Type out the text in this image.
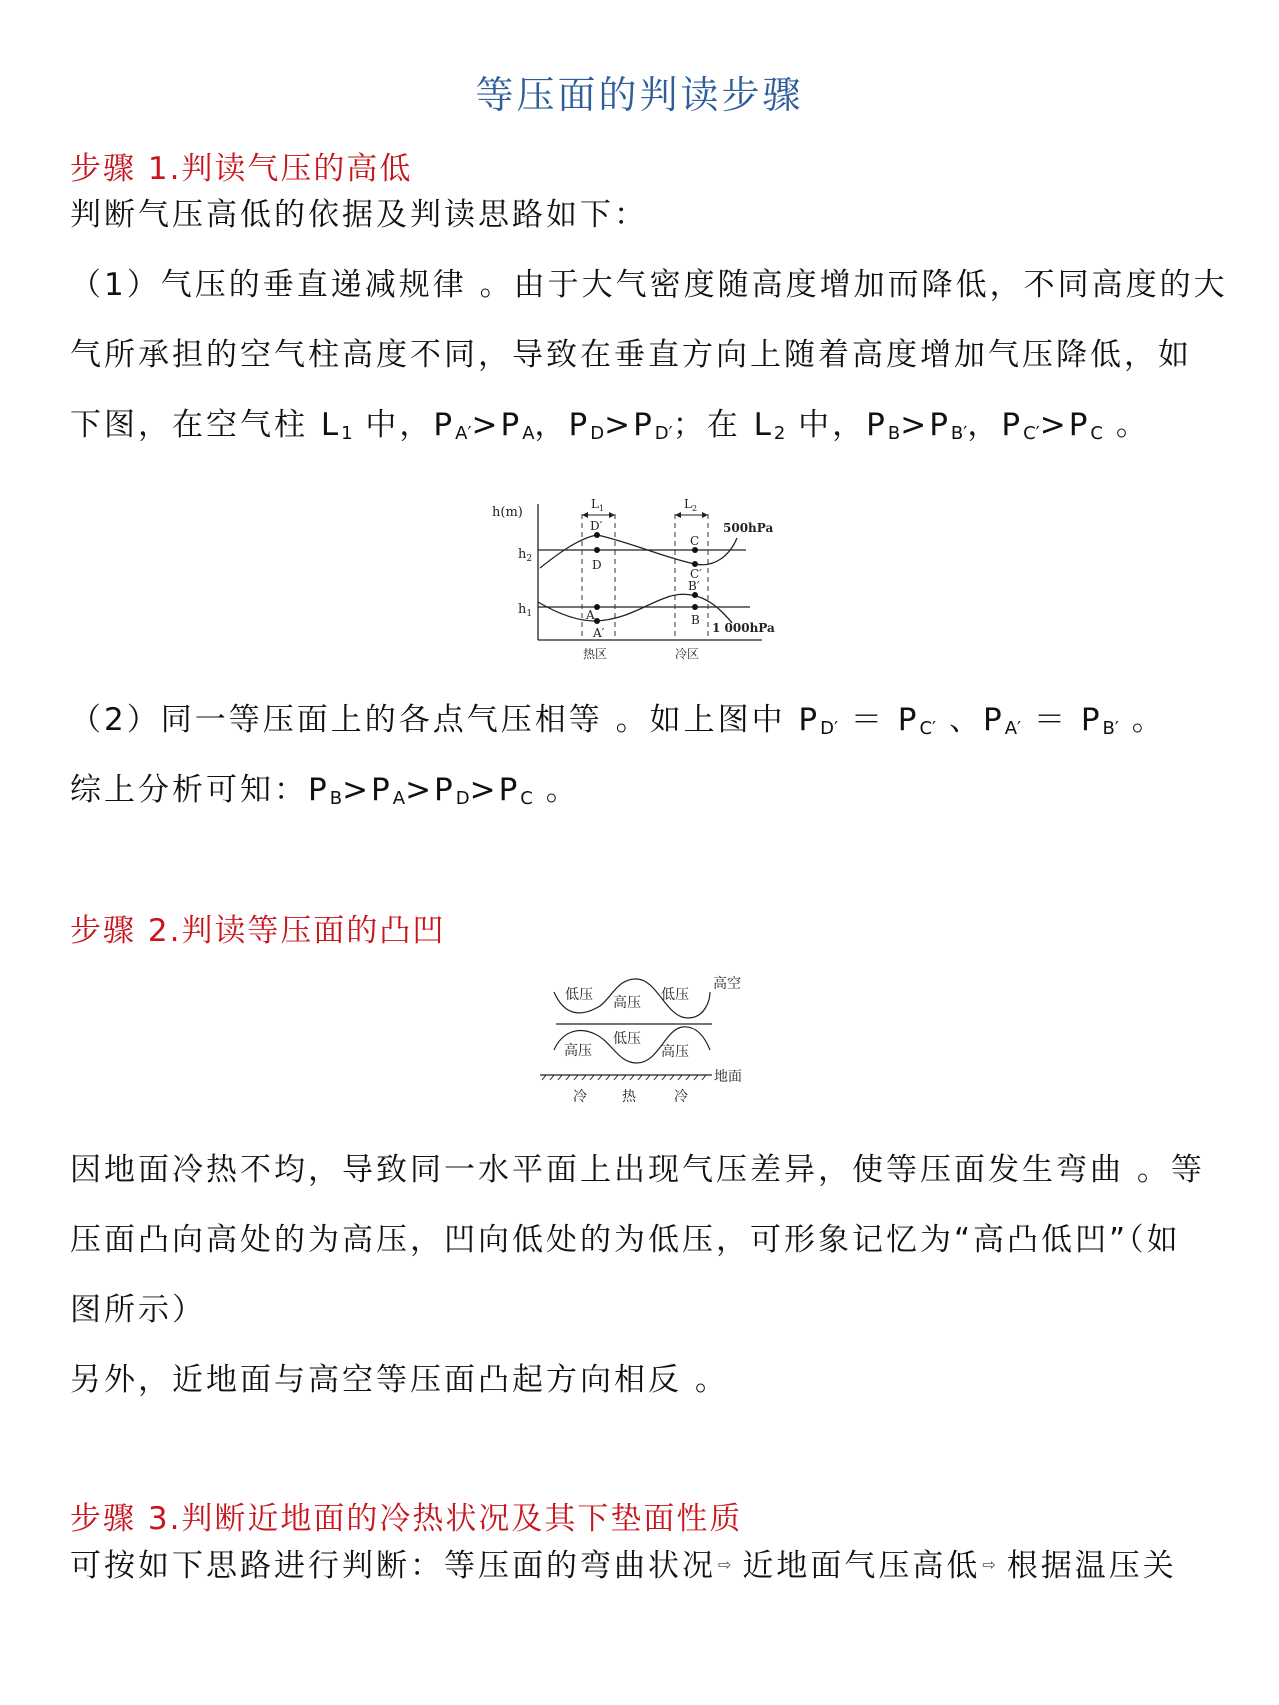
等压面的判读步骤
步骤 1.判读气压的高低
判断气压高低的依据及判读思路如下：
（1）气压的垂直递减规律 。由于大气密度随高度增加而降低，不同高度的大
气所承担的空气柱高度不同，导致在垂直方向上随着高度增加气压降低，如
下图，在空气柱 $L_1$ 中，$P_{A'}>P_A$，$P_D>P_{D'}$；在 $L_2$ 中，$P_B>P_{B'}$，$P_{C'}>P_C$ 。
h(m)
$h_2$
$h_1$
$L_1$	$L_2$
500hPa
1 000hPa
D′
D
C
C′
B′
B
A
A′
热区	冷区
（2）同一等压面上的各点气压相等 。如上图中 $P_{D'} = P_{C'}$ 、$P_{A'} = P_{B'}$ 。
综上分析可知：$P_B>P_A>P_D>P_C$ 。
步骤 2.判读等压面的凸凹
低压 高压 低压
高空
高压
低压
高压
地面
冷	热	冷
因地面冷热不均，导致同一水平面上出现气压差异，使等压面发生弯曲 。等
压面凸向高处的为高压，凹向低处的为低压，可形象记忆为“高凸低凹”（如
图所示）
另外，近地面与高空等压面凸起方向相反 。
步骤 3.判断近地面的冷热状况及其下垫面性质
可按如下思路进行判断：等压面的弯曲状况 ⇨ 近地面气压高低 ⇨ 根据温压关
